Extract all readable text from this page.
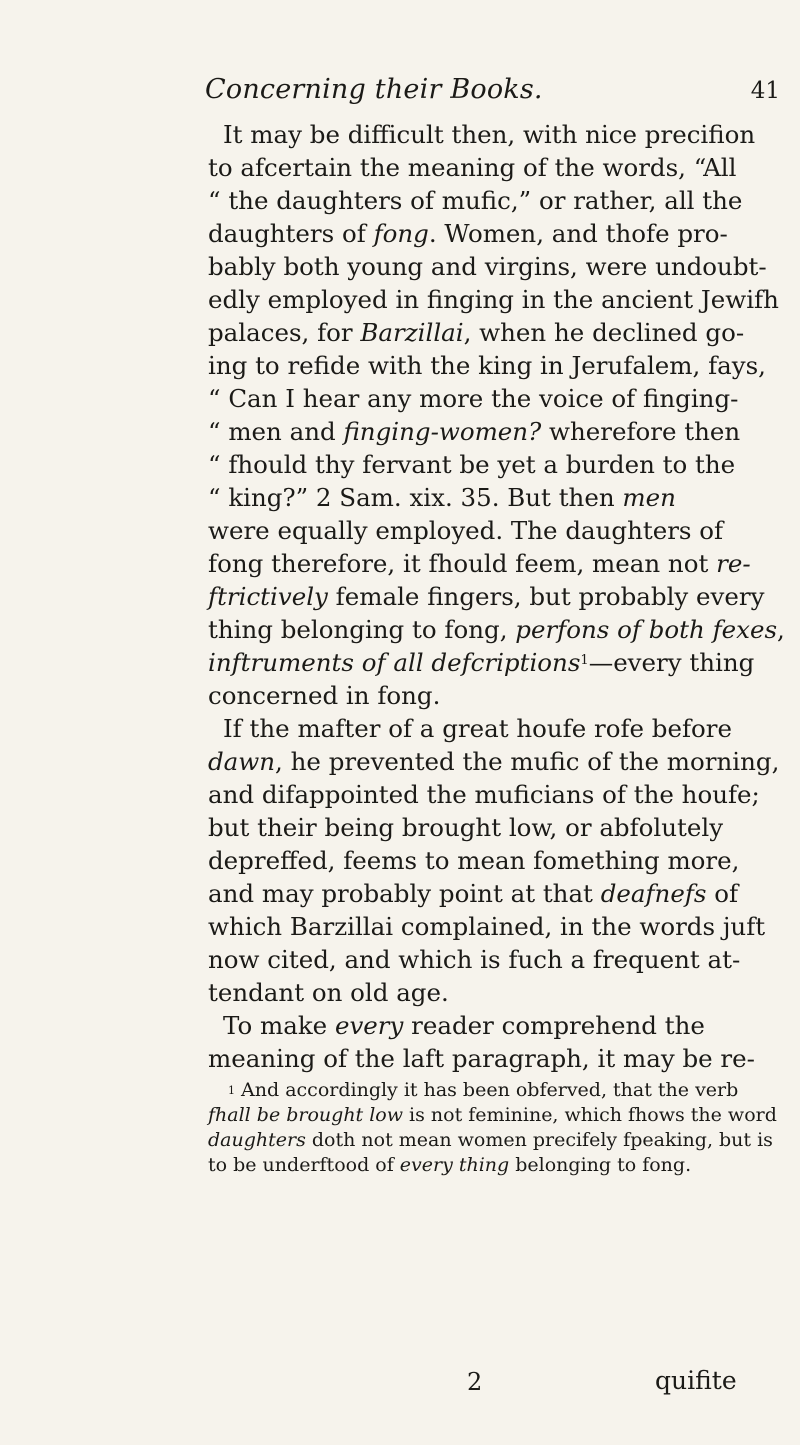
Concerning their Books.	41
It may be difficult then, with nice precifion
to afcertain the meaning of the words, “All
“ the daughters of mufic,” or rather, all the
daughters of fong. Women, and thofe pro-
bably both young and virgins, were undoubt-
edly employed in finging in the ancient Jewifh
palaces, for Barzillai, when he declined go-
ing to refide with the king in Jerufalem, fays,
“ Can I hear any more the voice of finging-
“ men and finging-women? wherefore then
“ fhould thy fervant be yet a burden to the
“ king?” 2 Sam. xix. 35. But then men
were equally employed. The daughters of
fong therefore, it fhould feem, mean not re-
ftrictively female fingers, but probably every
thing belonging to fong, perfons of both fexes,
inftruments of all defcriptions$^1$—every thing
concerned in fong.
If the mafter of a great houfe rofe before
dawn, he prevented the mufic of the morning,
and difappointed the muficians of the houfe;
but their being brought low, or abfolutely
depreffed, feems to mean fomething more,
and may probably point at that deafnefs of
which Barzillai complained, in the words juft
now cited, and which is fuch a frequent at-
tendant on old age.
To make every reader comprehend the
meaning of the laft paragraph, it may be re-
$^1$ And accordingly it has been obferved, that the verb
fhall be brought low is not feminine, which fhows the word
daughters doth not mean women precifely fpeaking, but is
to be underftood of every thing belonging to fong.
2	quifite
